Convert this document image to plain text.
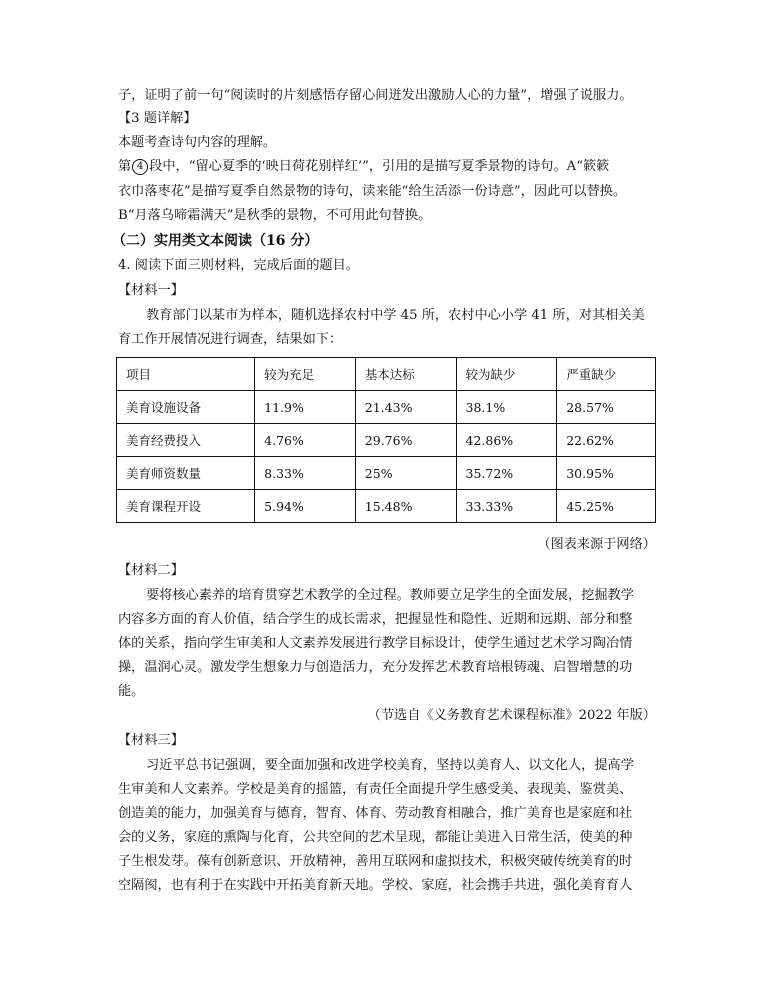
子，证明了前一句“阅读时的片刻感悟存留心间迸发出激励人心的力量”，增强了说服力。
【3 题详解】
本题考查诗句内容的理解。
第 4 段中，“留心夏季的‘映日荷花别样红’”，引用的是描写夏季景物的诗句。A“簌簌
衣巾落枣花”是描写夏季自然景物的诗句，读来能“给生活添一份诗意”，因此可以替换。
B“月落乌啼霜满天”是秋季的景物，不可用此句替换。
（二）实用类文本阅读（16 分）
4. 阅读下面三则材料，完成后面的题目。
【材料一】
教育部门以某市为样本，随机选择农村中学 45 所，农村中心小学 41 所，对其相关美
育工作开展情况进行调查，结果如下：
项目	较为充足	基本达标	较为缺少	严重缺少
美育设施设备	11.9%	21.43%	38.1%	28.57%
美育经费投入	4.76%	29.76%	42.86%	22.62%
美育师资数量	8.33%	25%	35.72%	30.95%
美育课程开设	5.94%	15.48%	33.33%	45.25%
（图表来源于网络）
【材料二】
要将核心素养的培育贯穿艺术教学的全过程。教师要立足学生的全面发展，挖掘教学
内容多方面的育人价值，结合学生的成长需求，把握显性和隐性、近期和远期、部分和整
体的关系，指向学生审美和人文素养发展进行教学目标设计，使学生通过艺术学习陶冶情
操，温润心灵。激发学生想象力与创造活力，充分发挥艺术教育培根铸魂、启智增慧的功
能。
（节选自《义务教育艺术课程标准》2022 年版）
【材料三】
习近平总书记强调，要全面加强和改进学校美育，坚持以美育人、以文化人，提高学
生审美和人文素养。学校是美育的摇篮，有责任全面提升学生感受美、表现美、鉴赏美、
创造美的能力，加强美育与德育，智育、体育、劳动教育相融合，推广美育也是家庭和社
会的义务，家庭的熏陶与化育，公共空间的艺术呈现，都能让美进入日常生活，使美的种
子生根发芽。葆有创新意识、开放精神，善用互联网和虚拟技术，积极突破传统美育的时
空隔阂，也有利于在实践中开拓美育新天地。学校、家庭，社会携手共进，强化美育育人
